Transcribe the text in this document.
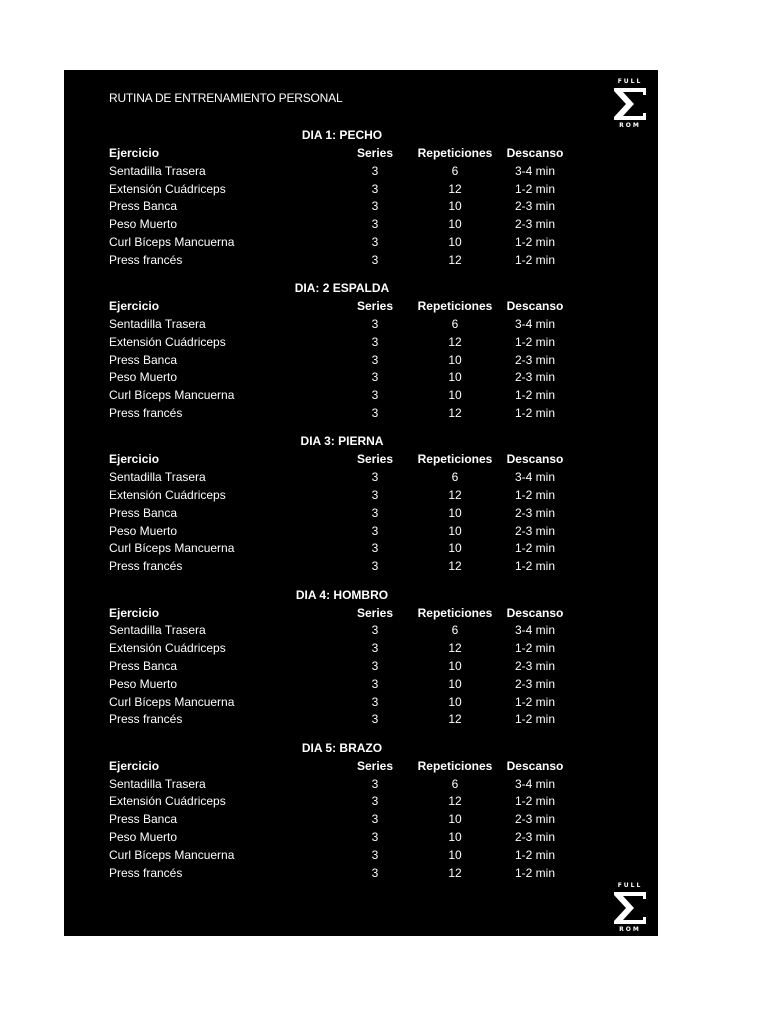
RUTINA DE ENTRENAMIENTO PERSONAL
FULL
ROM
DIA 1: PECHO
Ejercicio	Series	Repeticiones	Descanso
Sentadilla Trasera	3	6	3-4 min
Extensión Cuádriceps	3	12	1-2 min
Press Banca	3	10	2-3 min
Peso Muerto	3	10	2-3 min
Curl Bíceps Mancuerna	3	10	1-2 min
Press francés	3	12	1-2 min
DIA: 2 ESPALDA
Ejercicio	Series	Repeticiones	Descanso
Sentadilla Trasera	3	6	3-4 min
Extensión Cuádriceps	3	12	1-2 min
Press Banca	3	10	2-3 min
Peso Muerto	3	10	2-3 min
Curl Bíceps Mancuerna	3	10	1-2 min
Press francés	3	12	1-2 min
DIA 3: PIERNA
Ejercicio	Series	Repeticiones	Descanso
Sentadilla Trasera	3	6	3-4 min
Extensión Cuádriceps	3	12	1-2 min
Press Banca	3	10	2-3 min
Peso Muerto	3	10	2-3 min
Curl Bíceps Mancuerna	3	10	1-2 min
Press francés	3	12	1-2 min
DIA 4: HOMBRO
Ejercicio	Series	Repeticiones	Descanso
Sentadilla Trasera	3	6	3-4 min
Extensión Cuádriceps	3	12	1-2 min
Press Banca	3	10	2-3 min
Peso Muerto	3	10	2-3 min
Curl Bíceps Mancuerna	3	10	1-2 min
Press francés	3	12	1-2 min
DIA 5: BRAZO
Ejercicio	Series	Repeticiones	Descanso
Sentadilla Trasera	3	6	3-4 min
Extensión Cuádriceps	3	12	1-2 min
Press Banca	3	10	2-3 min
Peso Muerto	3	10	2-3 min
Curl Bíceps Mancuerna	3	10	1-2 min
Press francés	3	12	1-2 min
FULL
ROM
